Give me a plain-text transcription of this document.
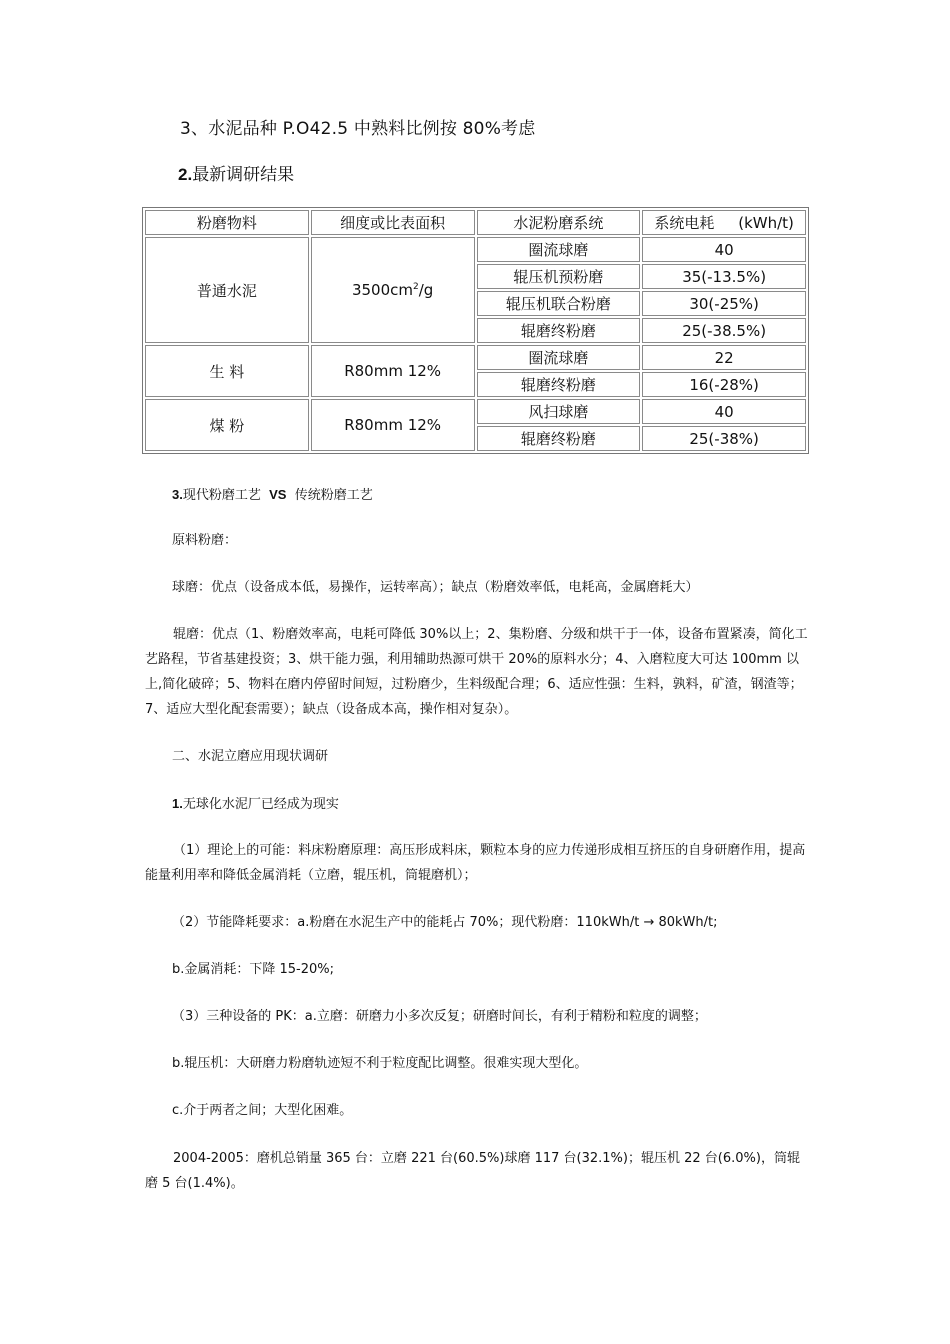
3、水泥品种 P.O42.5 中熟料比例按 80%考虑
2.最新调研结果
粉磨物料	细度或比表面积	水泥粉磨系统	系统电耗 (kWh/t)
普通水泥	$3500cm^2/g$	圈流球磨	40
		辊压机预粉磨	35(-13.5%)
		辊压机联合粉磨	30(-25%)
		辊磨终粉磨	25(-38.5%)
生 料	R80mm 12%	圈流球磨	22
		辊磨终粉磨	16(-28%)
煤 粉	R80mm 12%	风扫球磨	40
		辊磨终粉磨	25(-38%)
3.现代粉磨工艺 VS 传统粉磨工艺
原料粉磨：
球磨：优点（设备成本低，易操作，运转率高）；缺点（粉磨效率低，电耗高，金属磨耗大）
辊磨：优点（1、粉磨效率高，电耗可降低 30%以上；2、集粉磨、分级和烘干于一体，设备布置紧凑，简化工艺路程，节省基建投资；3、烘干能力强，利用辅助热源可烘干 20%的原料水分；4、入磨粒度大可达 100mm 以上,简化破碎；5、物料在磨内停留时间短，过粉磨少，生料级配合理；6、适应性强：生料，孰料，矿渣，钢渣等；7、适应大型化配套需要）；缺点（设备成本高，操作相对复杂）。
二、水泥立磨应用现状调研
1.无球化水泥厂已经成为现实
（1）理论上的可能：料床粉磨原理：高压形成料床，颗粒本身的应力传递形成相互挤压的自身研磨作用，提高能量利用率和降低金属消耗（立磨，辊压机，筒辊磨机）；
（2）节能降耗要求：a.粉磨在水泥生产中的能耗占 70%；现代粉磨：110kWh/t → 80kWh/t;
b.金属消耗：下降 15-20%;
（3）三种设备的 PK：a.立磨：研磨力小多次反复；研磨时间长，有利于精粉和粒度的调整；
b.辊压机：大研磨力粉磨轨迹短不利于粒度配比调整。很难实现大型化。
c.介于两者之间；大型化困难。
2004-2005：磨机总销量 365 台：立磨 221 台(60.5%)球磨 117 台(32.1%)；辊压机 22 台(6.0%)，筒辊磨 5 台(1.4%)。
